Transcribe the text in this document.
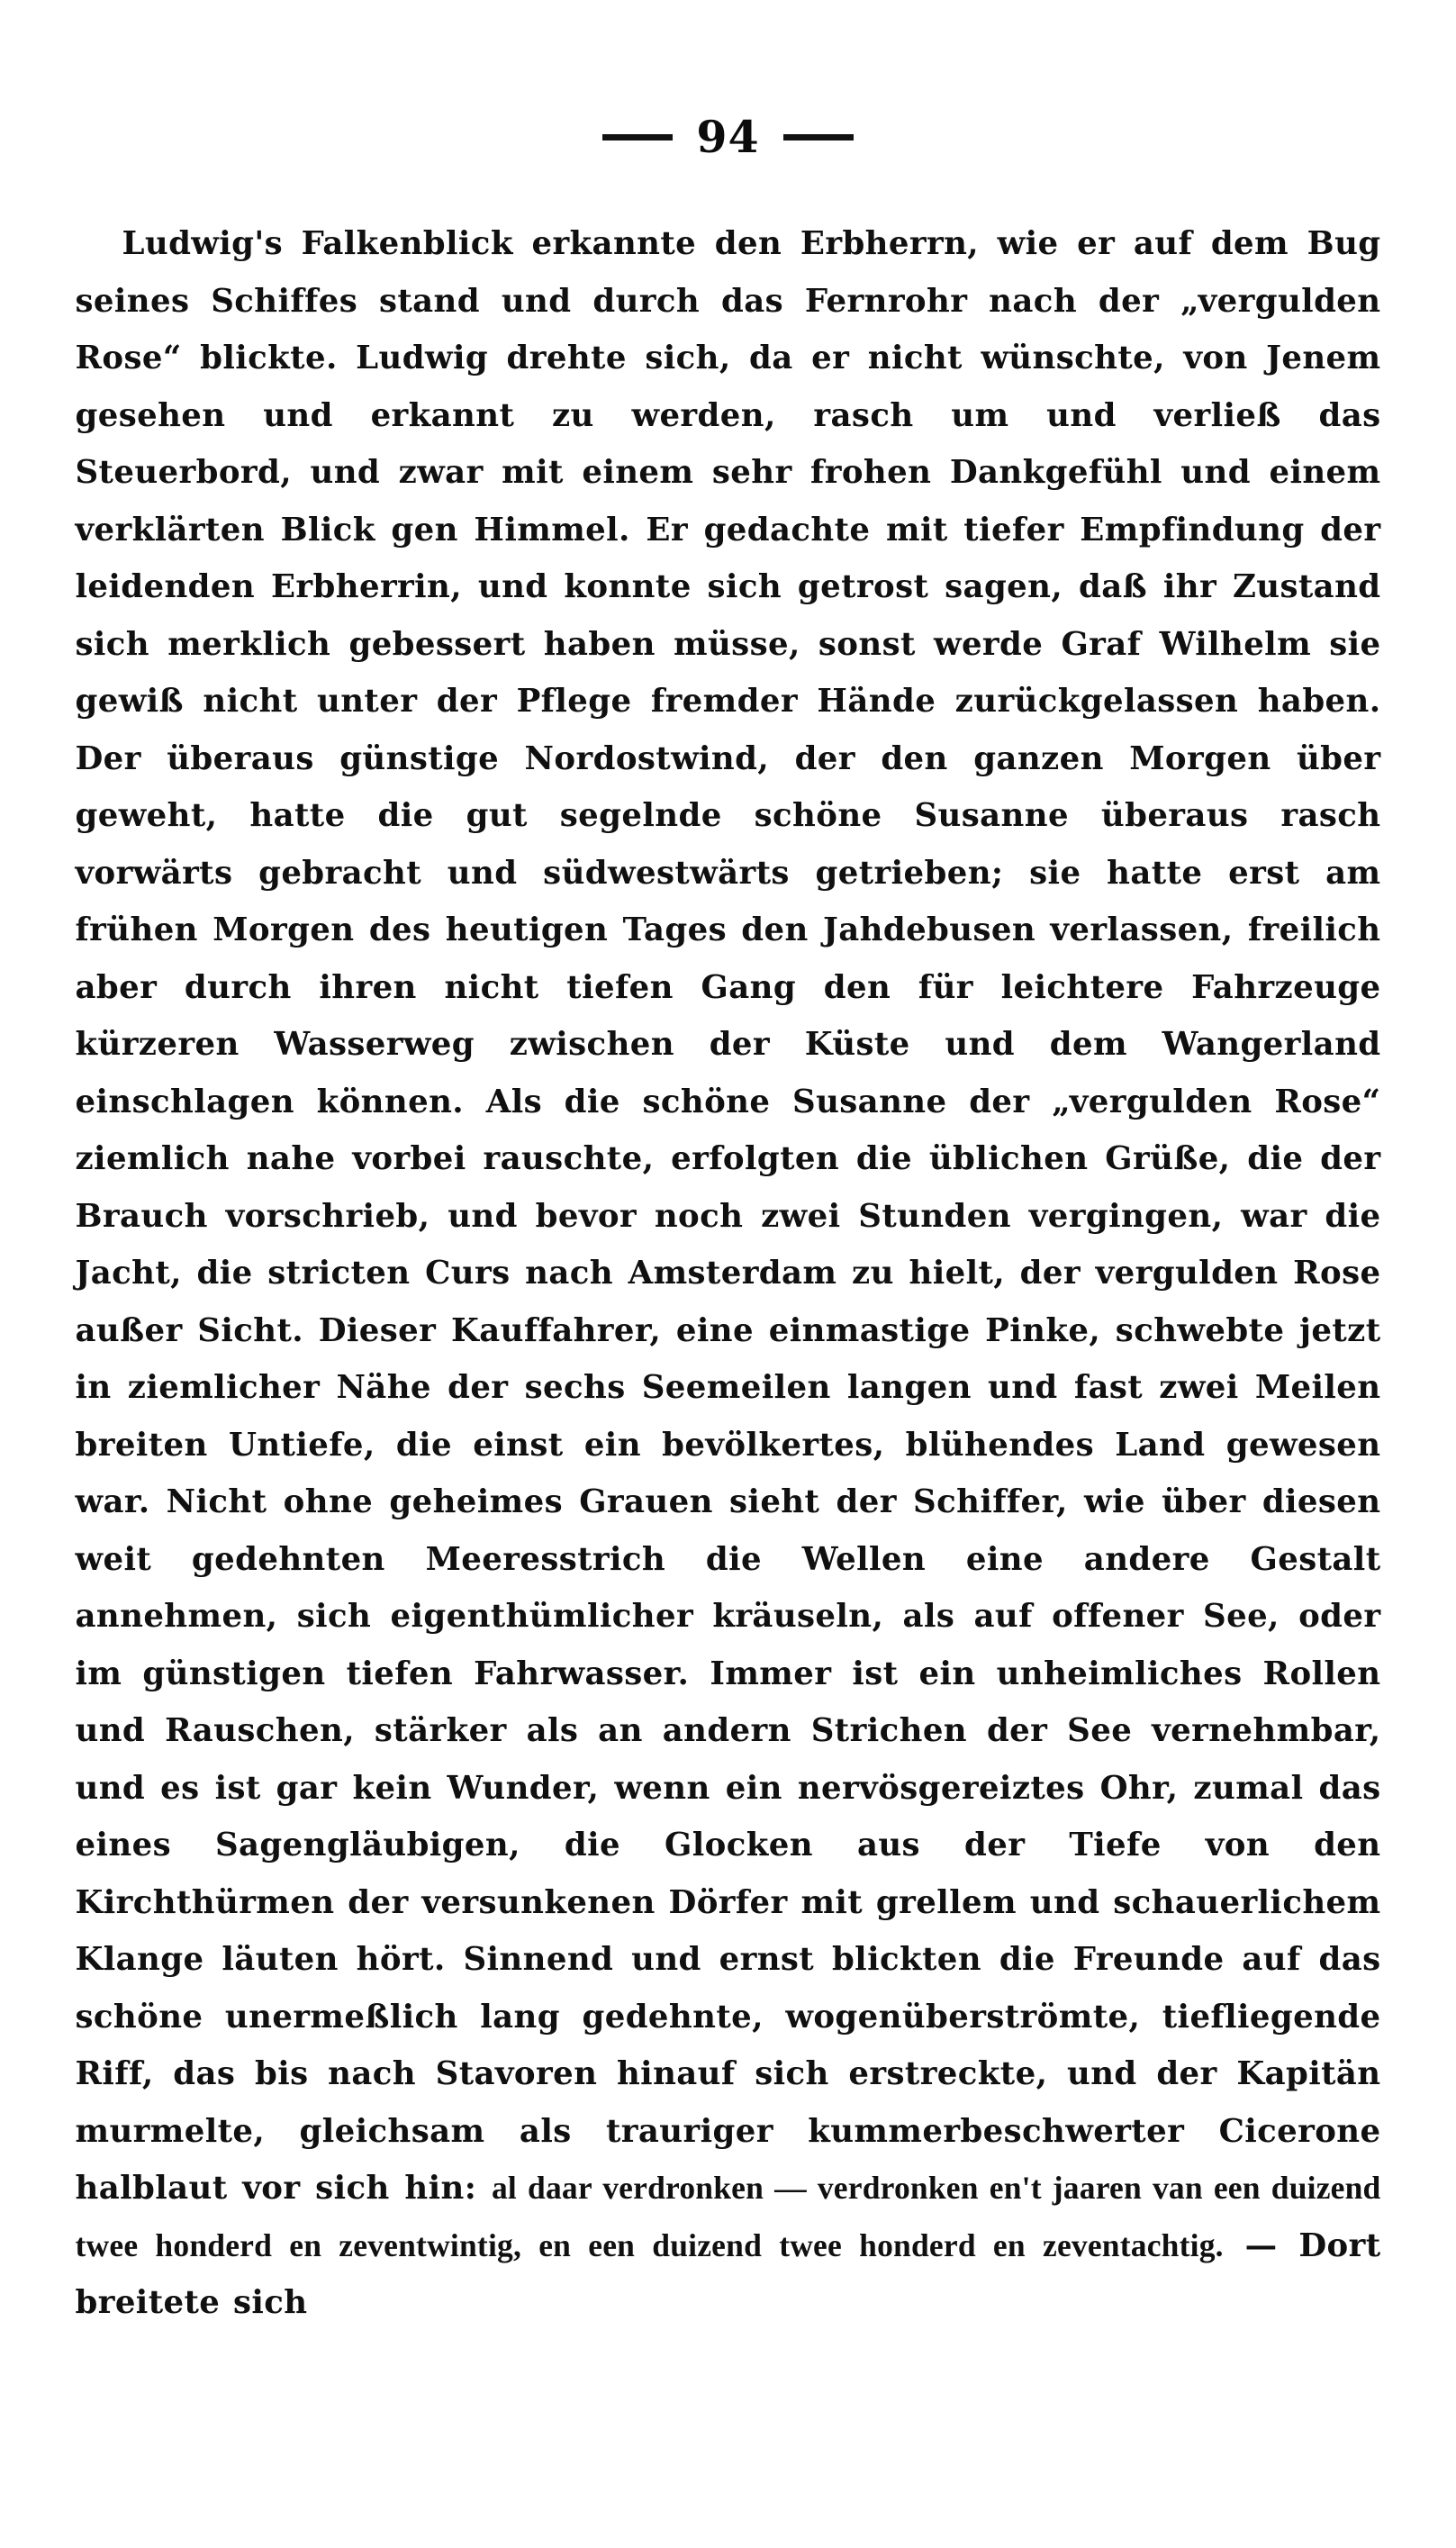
94
Ludwig's Falkenblick erkannte den Erbherrn, wie er auf dem Bug seines Schiffes stand und durch das Fernrohr nach der „vergulden Rose“ blickte. Ludwig drehte sich, da er nicht wünschte, von Jenem gesehen und erkannt zu werden, rasch um und verließ das Steuerbord, und zwar mit einem sehr frohen Dankgefühl und einem verklärten Blick gen Himmel. Er gedachte mit tiefer Empfindung der leidenden Erbherrin, und konnte sich getrost sagen, daß ihr Zustand sich merklich gebessert haben müsse, sonst werde Graf Wilhelm sie gewiß nicht unter der Pflege fremder Hände zurückgelassen haben. Der überaus günstige Nordostwind, der den ganzen Morgen über geweht, hatte die gut segelnde schöne Susanne überaus rasch vorwärts gebracht und südwestwärts getrieben; sie hatte erst am frühen Morgen des heutigen Tages den Jahdebusen verlassen, freilich aber durch ihren nicht tiefen Gang den für leichtere Fahrzeuge kürzeren Wasserweg zwischen der Küste und dem Wangerland einschlagen können. Als die schöne Susanne der „vergulden Rose“ ziemlich nahe vorbei rauschte, erfolgten die üblichen Grüße, die der Brauch vorschrieb, und bevor noch zwei Stunden vergingen, war die Jacht, die stricten Curs nach Amsterdam zu hielt, der vergulden Rose außer Sicht. Dieser Kauffahrer, eine einmastige Pinke, schwebte jetzt in ziemlicher Nähe der sechs Seemeilen langen und fast zwei Meilen breiten Untiefe, die einst ein bevölkertes, blühendes Land gewesen war. Nicht ohne geheimes Grauen sieht der Schiffer, wie über diesen weit gedehnten Meeresstrich die Wellen eine andere Gestalt annehmen, sich eigenthümlicher kräuseln, als auf offener See, oder im günstigen tiefen Fahrwasser. Immer ist ein unheimliches Rollen und Rauschen, stärker als an andern Strichen der See vernehmbar, und es ist gar kein Wunder, wenn ein nervösgereiztes Ohr, zumal das eines Sagengläubigen, die Glocken aus der Tiefe von den Kirchthürmen der versunkenen Dörfer mit grellem und schauerlichem Klange läuten hört. Sinnend und ernst blickten die Freunde auf das schöne unermeßlich lang gedehnte, wogenüberströmte, tiefliegende Riff, das bis nach Stavoren hinauf sich erstreckte, und der Kapitän murmelte, gleichsam als trauriger kummerbeschwerter Cicerone halblaut vor sich hin: al daar verdronken — verdronken en't jaaren van een duizend twee honderd en zeventwintig, en een duizend twee honderd en zeventachtig. — Dort breitete sich
